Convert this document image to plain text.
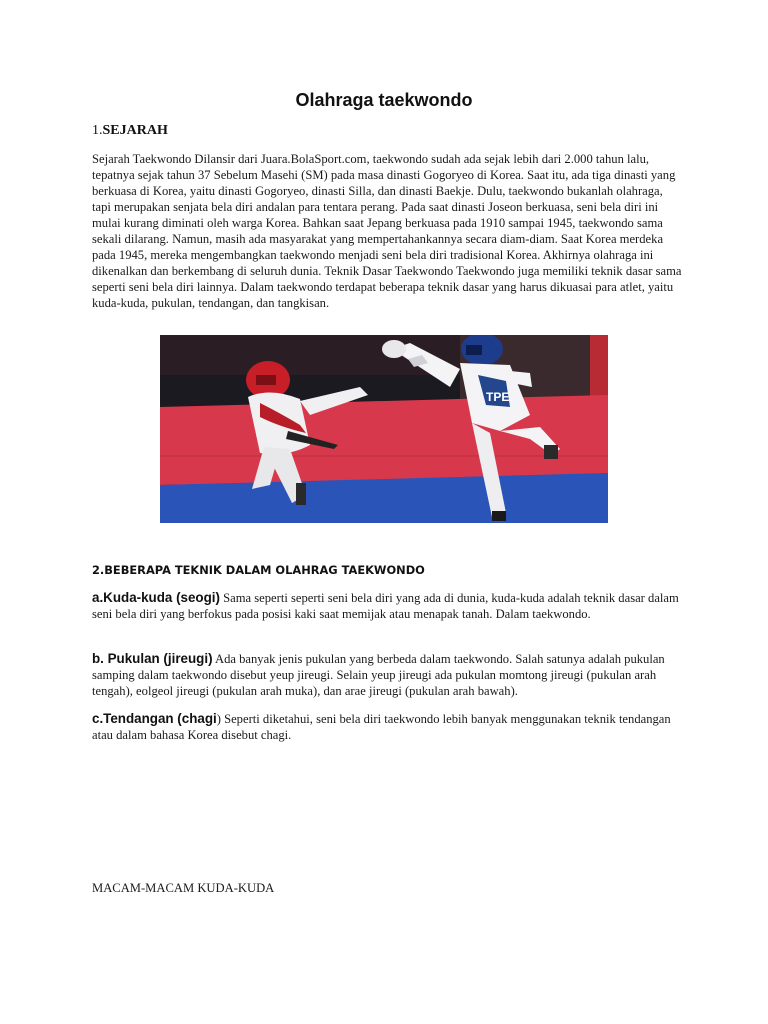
Olahraga taekwondo
1.SEJARAH

Sejarah Taekwondo Dilansir dari Juara.BolaSport.com, taekwondo sudah ada sejak lebih dari 2.000 tahun lalu, tepatnya sejak tahun 37 Sebelum Masehi (SM) pada masa dinasti Gogoryeo di Korea. Saat itu, ada tiga dinasti yang berkuasa di Korea, yaitu dinasti Gogoryeo, dinasti Silla, dan dinasti Baekje. Dulu, taekwondo bukanlah olahraga, tapi merupakan senjata bela diri andalan para tentara perang. Pada saat dinasti Joseon berkuasa, seni bela diri ini mulai kurang diminati oleh warga Korea. Bahkan saat Jepang berkuasa pada 1910 sampai 1945, taekwondo sama sekali dilarang. Namun, masih ada masyarakat yang mempertahankannya secara diam-diam. Saat Korea merdeka pada 1945, mereka mengembangkan taekwondo menjadi seni bela diri tradisional Korea. Akhirnya olahraga ini dikenalkan dan berkembang di seluruh dunia. Teknik Dasar Taekwondo Taekwondo juga memiliki teknik dasar sama seperti seni bela diri lainnya. Dalam taekwondo terdapat beberapa teknik dasar yang harus dikuasai para atlet, yaitu kuda-kuda, pukulan, tendangan, dan tangkisan.

TPE
2.BEBERAPA TEKNIK DALAM OLAHRAG TAEKWONDO

a.Kuda-kuda (seogi) Sama seperti seperti seni bela diri yang ada di dunia, kuda-kuda adalah teknik dasar dalam seni bela diri yang berfokus pada posisi kaki saat memijak atau menapak tanah. Dalam taekwondo.

b. Pukulan (jireugi) Ada banyak jenis pukulan yang berbeda dalam taekwondo. Salah satunya adalah pukulan samping dalam taekwondo disebut yeup jireugi. Selain yeup jireugi ada pukulan momtong jireugi (pukulan arah tengah), eolgeol jireugi (pukulan arah muka), dan arae jireugi (pukulan arah bawah).

c.Tendangan (chagi) Seperti diketahui, seni bela diri taekwondo lebih banyak menggunakan teknik tendangan atau dalam bahasa Korea disebut chagi.

MACAM-MACAM KUDA-KUDA
